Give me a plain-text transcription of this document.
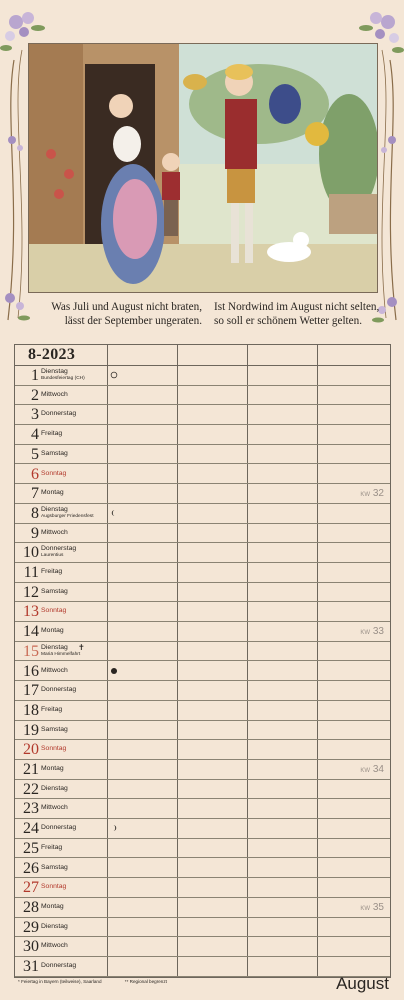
Was Juli und August nicht braten,
lässt der September ungeraten.
Ist Nordwind im August nicht selten,
so soll er schönem Wetter gelten.
8-2023
1 Dienstag
Bundesfeiertag (CH)
2 Mittwoch
3 Donnerstag
4 Freitag
5 Samstag
6 Sonntag
7 Montag	KW 32
8 Dienstag
Augsburger Friedensfest
9 Mittwoch
10 Donnerstag
Laurentius
11 Freitag
12 Samstag
13 Sonntag
14 Montag	KW 33
15 Dienstag
Mariä Himmelfahrt
✝
16 Mittwoch
17 Donnerstag
18 Freitag
19 Samstag
20 Sonntag
21 Montag	KW 34
22 Dienstag
23 Mittwoch
24 Donnerstag
25 Freitag
26 Samstag
27 Sonntag
28 Montag	KW 35
29 Dienstag
30 Mittwoch
31 Donnerstag
* Feiertag in Bayern (teilweise), Saarland	** Regional begrenzt	August
